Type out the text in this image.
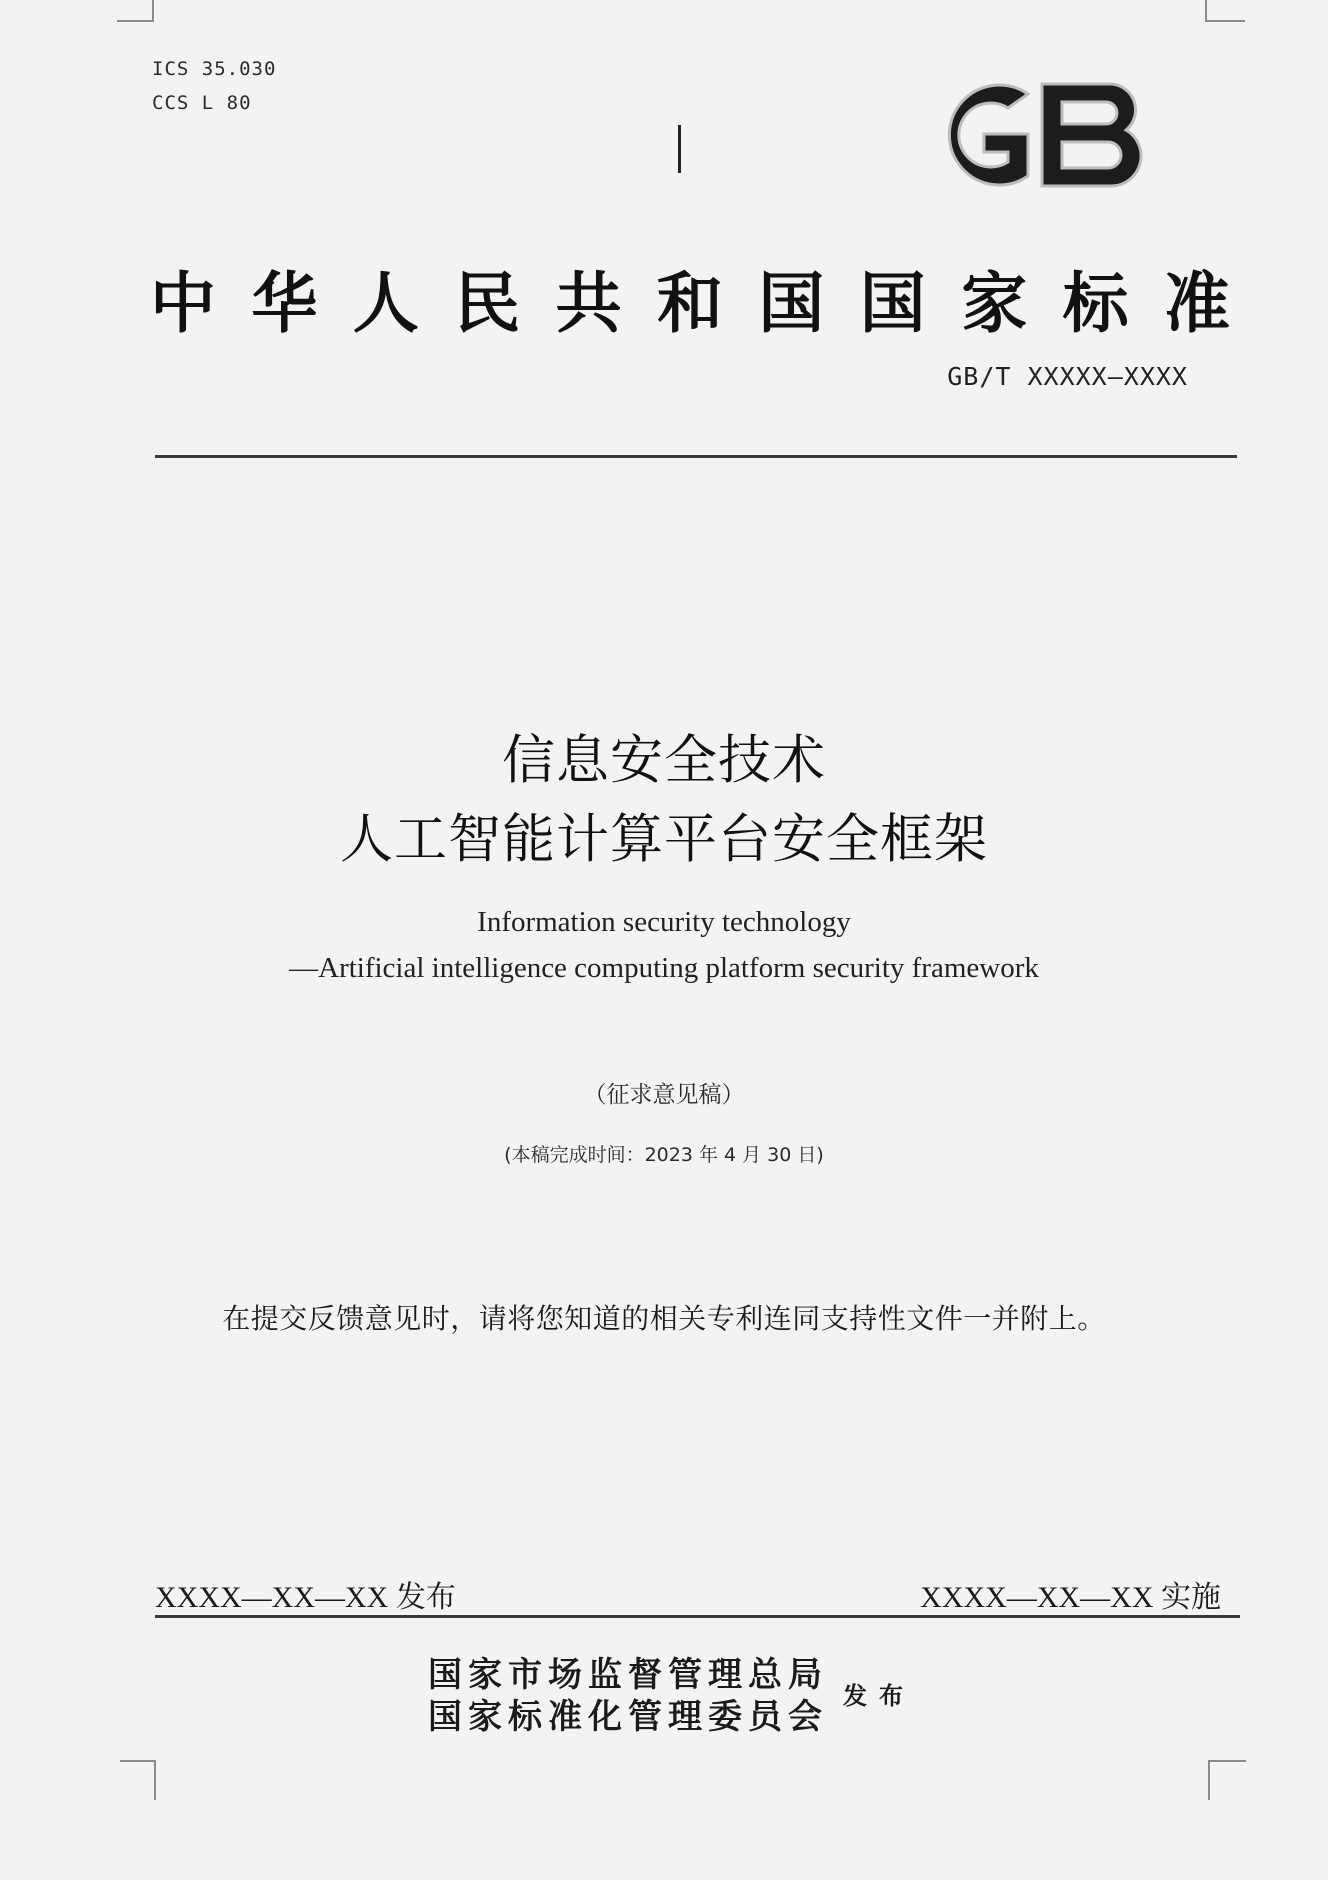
ICS 35.030
CCS L 80
中华人民共和国国家标准
GB/T XXXXX—XXXX
信息安全技术
人工智能计算平台安全框架
Information security technology
—Artificial intelligence computing platform security framework
（征求意见稿）
(本稿完成时间：2023 年 4 月 30 日)
在提交反馈意见时，请将您知道的相关专利连同支持性文件一并附上。
XXXX—XX—XX 发布	XXXX—XX—XX 实施
国家市场监督管理总局
国家标准化管理委员会
发布
